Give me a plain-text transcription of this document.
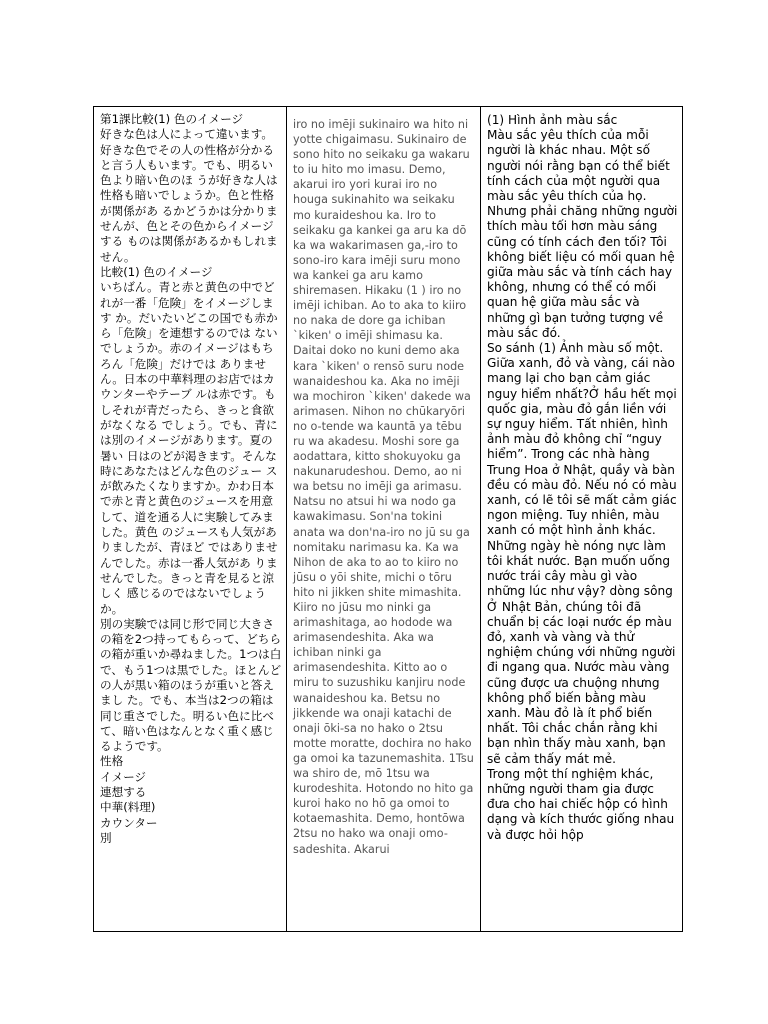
第1課比較(1) 色のイメージ
好きな色は人によって違います。好きな色でその人の性格が分かると言う人もいます。でも、明るい色より暗い色のほ うが好きな人は性格も暗いでしょうか。色と性格が関係があ るかどうかは分かりませんが、色とその色からイメージする ものは関係があるかもしれません。
比較(1) 色のイメージ
いちばん。青と赤と黄色の中でどれが一番「危険」をイメージします か。だいたいどこの国でも赤から「危険」を連想するのでは ないでしょうか。赤のイメージはもちろん「危険」だけでは ありません。日本の中華料理のお店ではカウンターやテーブ ルは赤です。もしそれが青だったら、きっと食欲がなくなる でしょう。でも、青には別のイメージがあります。夏の暑い 日はのどが渇きます。そんな時にあなたはどんな色のジュー スが飲みたくなりますか。かわ日本で赤と青と黄色のジュースを用意して、道を通る人に実験してみました。黄色 のジュースも人気がありましたが、青ほど ではありませんでした。赤は一番人気があ りませんでした。きっと青を見ると涼しく 感じるのではないでしょうか。
別の実験では同じ形で同じ大きさの箱を2つ持ってもらって、どちらの箱が重いか尋ねました。1つは白で、もう1つは黒でした。ほとんどの人が黒い箱のほうが重いと答えまし た。でも、本当は2つの箱は同じ重さでした。明るい色に比べて、暗い色はなんとなく重く感じるようです。
性格
イメージ
連想する
中華(料理)
カウンター
別
iro no imēji sukinairo wa hito ni yotte chigaimasu. Sukinairo de sono hito no seikaku ga wakaru to iu hito mo imasu. Demo, akarui iro yori kurai iro no houga sukinahito wa seikaku mo kuraideshou ka. Iro to seikaku ga kankei ga aru ka dō ka wa wakarimasen ga,-iro to sono-iro kara imēji suru mono wa kankei ga aru kamo shiremasen. Hikaku (1 ) iro no imēji ichiban. Ao to aka to kiiro no naka de dore ga ichiban `kiken' o imēji shimasu ka. Daitai doko no kuni demo aka kara `kiken' o rensō suru node wanaideshou ka. Aka no imēji wa mochiron `kiken' dakede wa arimasen. Nihon no chūkaryōri no o-tende wa kauntā ya tēbu ru wa akadesu. Moshi sore ga aodattara, kitto shokuyoku ga nakunarudeshou. Demo, ao ni wa betsu no imēji ga arimasu. Natsu no atsui hi wa nodo ga kawakimasu. Son'na tokini anata wa don'na-iro no jū su ga nomitaku narimasu ka. Ka wa Nihon de aka to ao to kiiro no jūsu o yōi shite, michi o tōru hito ni jikken shite mimashita. Kiiro no jūsu mo ninki ga arimashitaga, ao hodode wa arimasendeshita. Aka wa ichiban ninki ga arimasendeshita. Kitto ao o miru to suzushiku kanjiru node wanaideshou ka. Betsu no jikkende wa onaji katachi de onaji ōki-sa no hako o 2tsu motte moratte, dochira no hako ga omoi ka tazunemashita. 1Tsu wa shiro de, mō 1tsu wa kurodeshita. Hotondo no hito ga kuroi hako no hō ga omoi to kotaemashita. Demo, hontōwa 2tsu no hako wa onaji omo-sadeshita. Akarui
(1) Hình ảnh màu sắc
Màu sắc yêu thích của mỗi người là khác nhau. Một số người nói rằng bạn có thể biết tính cách của một người qua màu sắc yêu thích của họ. Nhưng phải chăng những người thích màu tối hơn màu sáng cũng có tính cách đen tối? Tôi không biết liệu có mối quan hệ giữa màu sắc và tính cách hay không, nhưng có thể có mối quan hệ giữa màu sắc và những gì bạn tưởng tượng về màu sắc đó.
So sánh (1) Ảnh màu số một. Giữa xanh, đỏ và vàng, cái nào mang lại cho bạn cảm giác nguy hiểm nhất?Ở hầu hết mọi quốc gia, màu đỏ gắn liền với sự nguy hiểm. Tất nhiên, hình ảnh màu đỏ không chỉ “nguy hiểm”. Trong các nhà hàng Trung Hoa ở Nhật, quầy và bàn đều có màu đỏ. Nếu nó có màu xanh, có lẽ tôi sẽ mất cảm giác ngon miệng. Tuy nhiên, màu xanh có một hình ảnh khác. Những ngày hè nóng nực làm tôi khát nước. Bạn muốn uống nước trái cây màu gì vào những lúc như vậy? dòng sông Ở Nhật Bản, chúng tôi đã chuẩn bị các loại nước ép màu đỏ, xanh và vàng và thử nghiệm chúng với những người đi ngang qua. Nước màu vàng cũng được ưa chuộng nhưng không phổ biến bằng màu xanh. Màu đỏ là ít phổ biến nhất. Tôi chắc chắn rằng khi bạn nhìn thấy màu xanh, bạn sẽ cảm thấy mát mẻ.
Trong một thí nghiệm khác, những người tham gia được đưa cho hai chiếc hộp có hình dạng và kích thước giống nhau và được hỏi hộp
